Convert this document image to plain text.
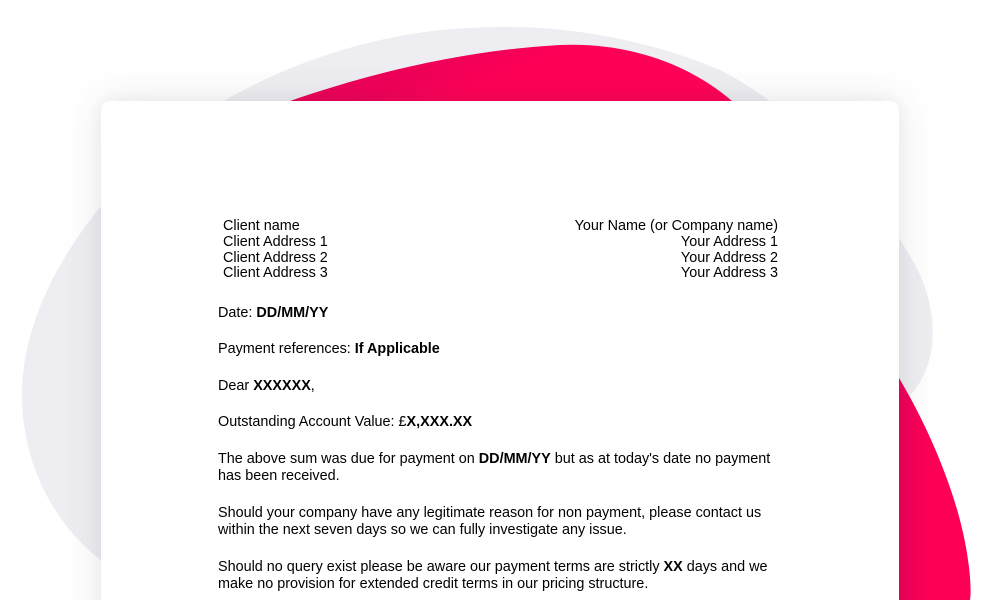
Client name
Client Address 1
Client Address 2
Client Address 3
Your Name (or Company name)
Your Address 1
Your Address 2
Your Address 3

Date: DD/MM/YY

Payment references: If Applicable

Dear XXXXXX,

Outstanding Account Value: £X,XXX.XX

The above sum was due for payment on DD/MM/YY but as at today's date no payment has been received.

Should your company have any legitimate reason for non payment, please contact us within the next seven days so we can fully investigate any issue.

Should no query exist please be aware our payment terms are strictly XX days and we make no provision for extended credit terms in our pricing structure.
